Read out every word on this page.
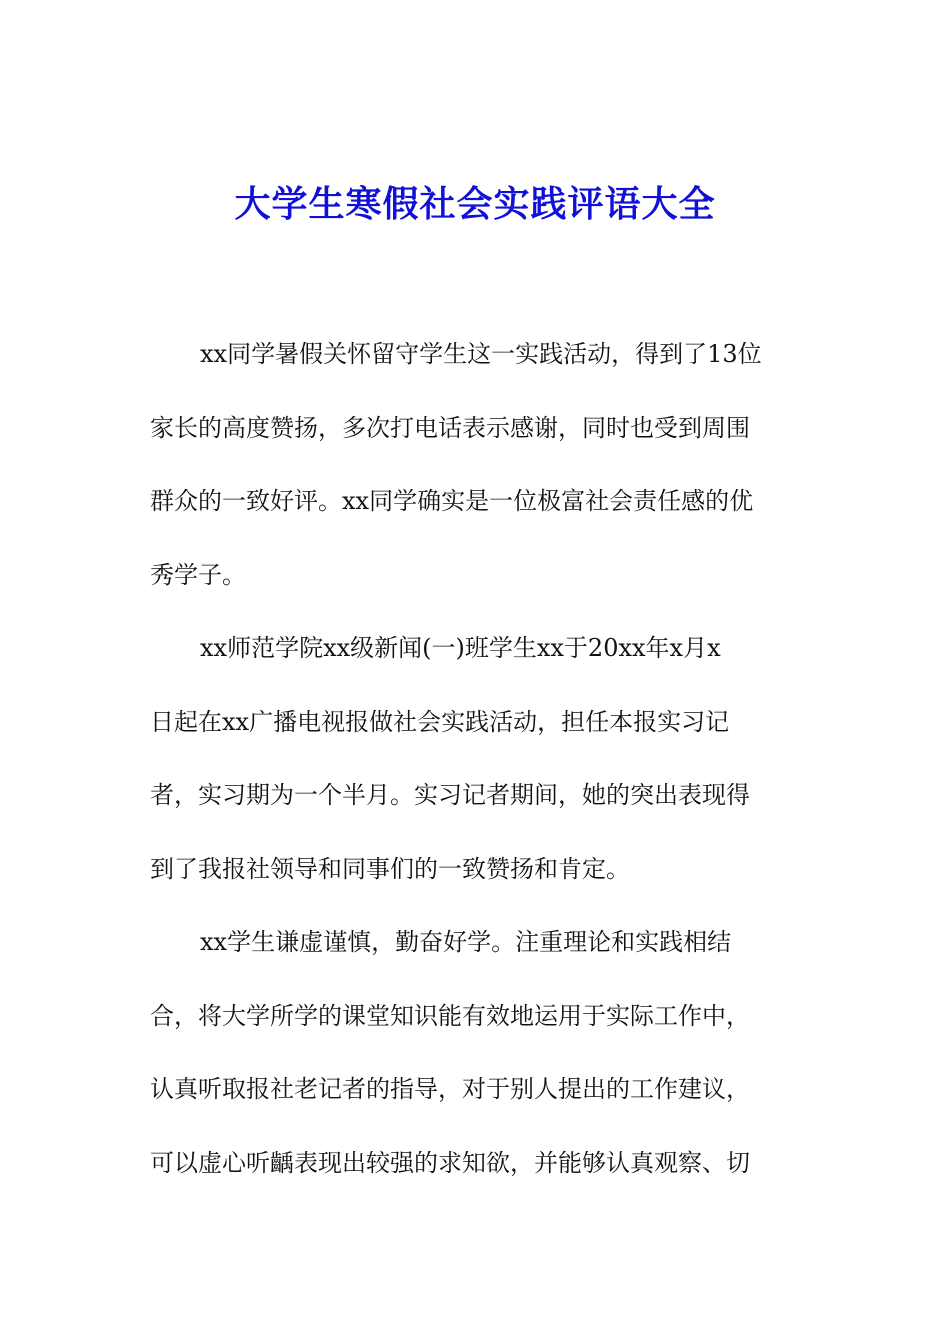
大学生寒假社会实践评语大全
xx同学暑假关怀留守学生这一实践活动，得到了13位
家长的高度赞扬，多次打电话表示感谢，同时也受到周围
群众的一致好评。xx同学确实是一位极富社会责任感的优
秀学子。
xx师范学院xx级新闻(一)班学生xx于20xx年x月x
日起在xx广播电视报做社会实践活动，担任本报实习记
者，实习期为一个半月。实习记者期间，她的突出表现得
到了我报社领导和同事们的一致赞扬和肯定。
xx学生谦虚谨慎，勤奋好学。注重理论和实践相结
合，将大学所学的课堂知识能有效地运用于实际工作中，
认真听取报社老记者的指导，对于别人提出的工作建议，
可以虚心听齲表现出较强的求知欲，并能够认真观察、切
